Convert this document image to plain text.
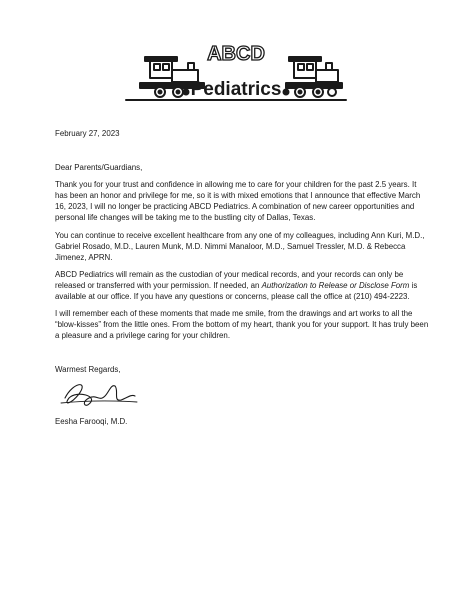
ABCD
Pediatrics

February 27, 2023

Dear Parents/Guardians,

Thank you for your trust and confidence in allowing me to care for your children for the past 2.5 years. It has been an honor and privilege for me, so it is with mixed emotions that I announce that effective March 16, 2023, I will no longer be practicing ABCD Pediatrics. A combination of new career opportunities and personal life changes will be taking me to the bustling city of Dallas, Texas.

You can continue to receive excellent healthcare from any one of my colleagues, including Ann Kuri, M.D., Gabriel Rosado, M.D., Lauren Munk, M.D. Nimmi Manaloor, M.D., Samuel Tressler, M.D. & Rebecca Jimenez, APRN.

ABCD Pediatrics will remain as the custodian of your medical records, and your records can only be released or transferred with your permission. If needed, an Authorization to Release or Disclose Form is available at our office. If you have any questions or concerns, please call the office at (210) 494-2223.

I will remember each of these moments that made me smile, from the drawings and art works to all the “blow-kisses” from the little ones. From the bottom of my heart, thank you for your support. It has truly been a pleasure and a privilege caring for your children.

Warmest Regards,

Eesha Farooqi, M.D.
